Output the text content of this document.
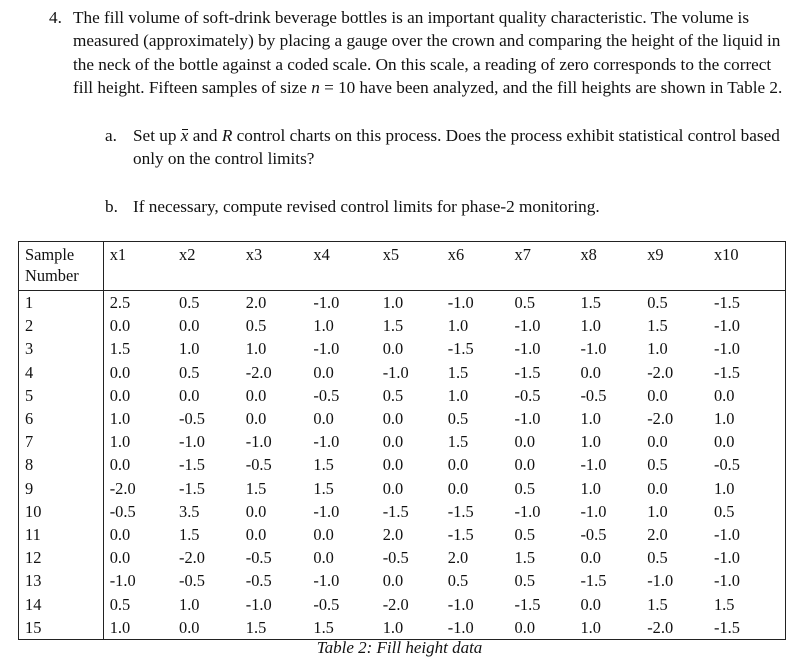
4. The fill volume of soft-drink beverage bottles is an important quality characteristic. The volume is measured (approximately) by placing a gauge over the crown and comparing the height of the liquid in the neck of the bottle against a coded scale. On this scale, a reading of zero corresponds to the correct fill height. Fifteen samples of size n = 10 have been analyzed, and the fill heights are shown in Table 2.
a. Set up x and R control charts on this process. Does the process exhibit statistical control based only on the control limits?
b. If necessary, compute revised control limits for phase-2 monitoring.
Sample
Number	x1	x2	x3	x4	x5	x6	x7	x8	x9	x10
1	2.5	0.5	2.0	-1.0	1.0	-1.0	0.5	1.5	0.5	-1.5
2	0.0	0.0	0.5	1.0	1.5	1.0	-1.0	1.0	1.5	-1.0
3	1.5	1.0	1.0	-1.0	0.0	-1.5	-1.0	-1.0	1.0	-1.0
4	0.0	0.5	-2.0	0.0	-1.0	1.5	-1.5	0.0	-2.0	-1.5
5	0.0	0.0	0.0	-0.5	0.5	1.0	-0.5	-0.5	0.0	0.0
6	1.0	-0.5	0.0	0.0	0.0	0.5	-1.0	1.0	-2.0	1.0
7	1.0	-1.0	-1.0	-1.0	0.0	1.5	0.0	1.0	0.0	0.0
8	0.0	-1.5	-0.5	1.5	0.0	0.0	0.0	-1.0	0.5	-0.5
9	-2.0	-1.5	1.5	1.5	0.0	0.0	0.5	1.0	0.0	1.0
10	-0.5	3.5	0.0	-1.0	-1.5	-1.5	-1.0	-1.0	1.0	0.5
11	0.0	1.5	0.0	0.0	2.0	-1.5	0.5	-0.5	2.0	-1.0
12	0.0	-2.0	-0.5	0.0	-0.5	2.0	1.5	0.0	0.5	-1.0
13	-1.0	-0.5	-0.5	-1.0	0.0	0.5	0.5	-1.5	-1.0	-1.0
14	0.5	1.0	-1.0	-0.5	-2.0	-1.0	-1.5	0.0	1.5	1.5
15	1.0	0.0	1.5	1.5	1.0	-1.0	0.0	1.0	-2.0	-1.5
Table 2: Fill height data
